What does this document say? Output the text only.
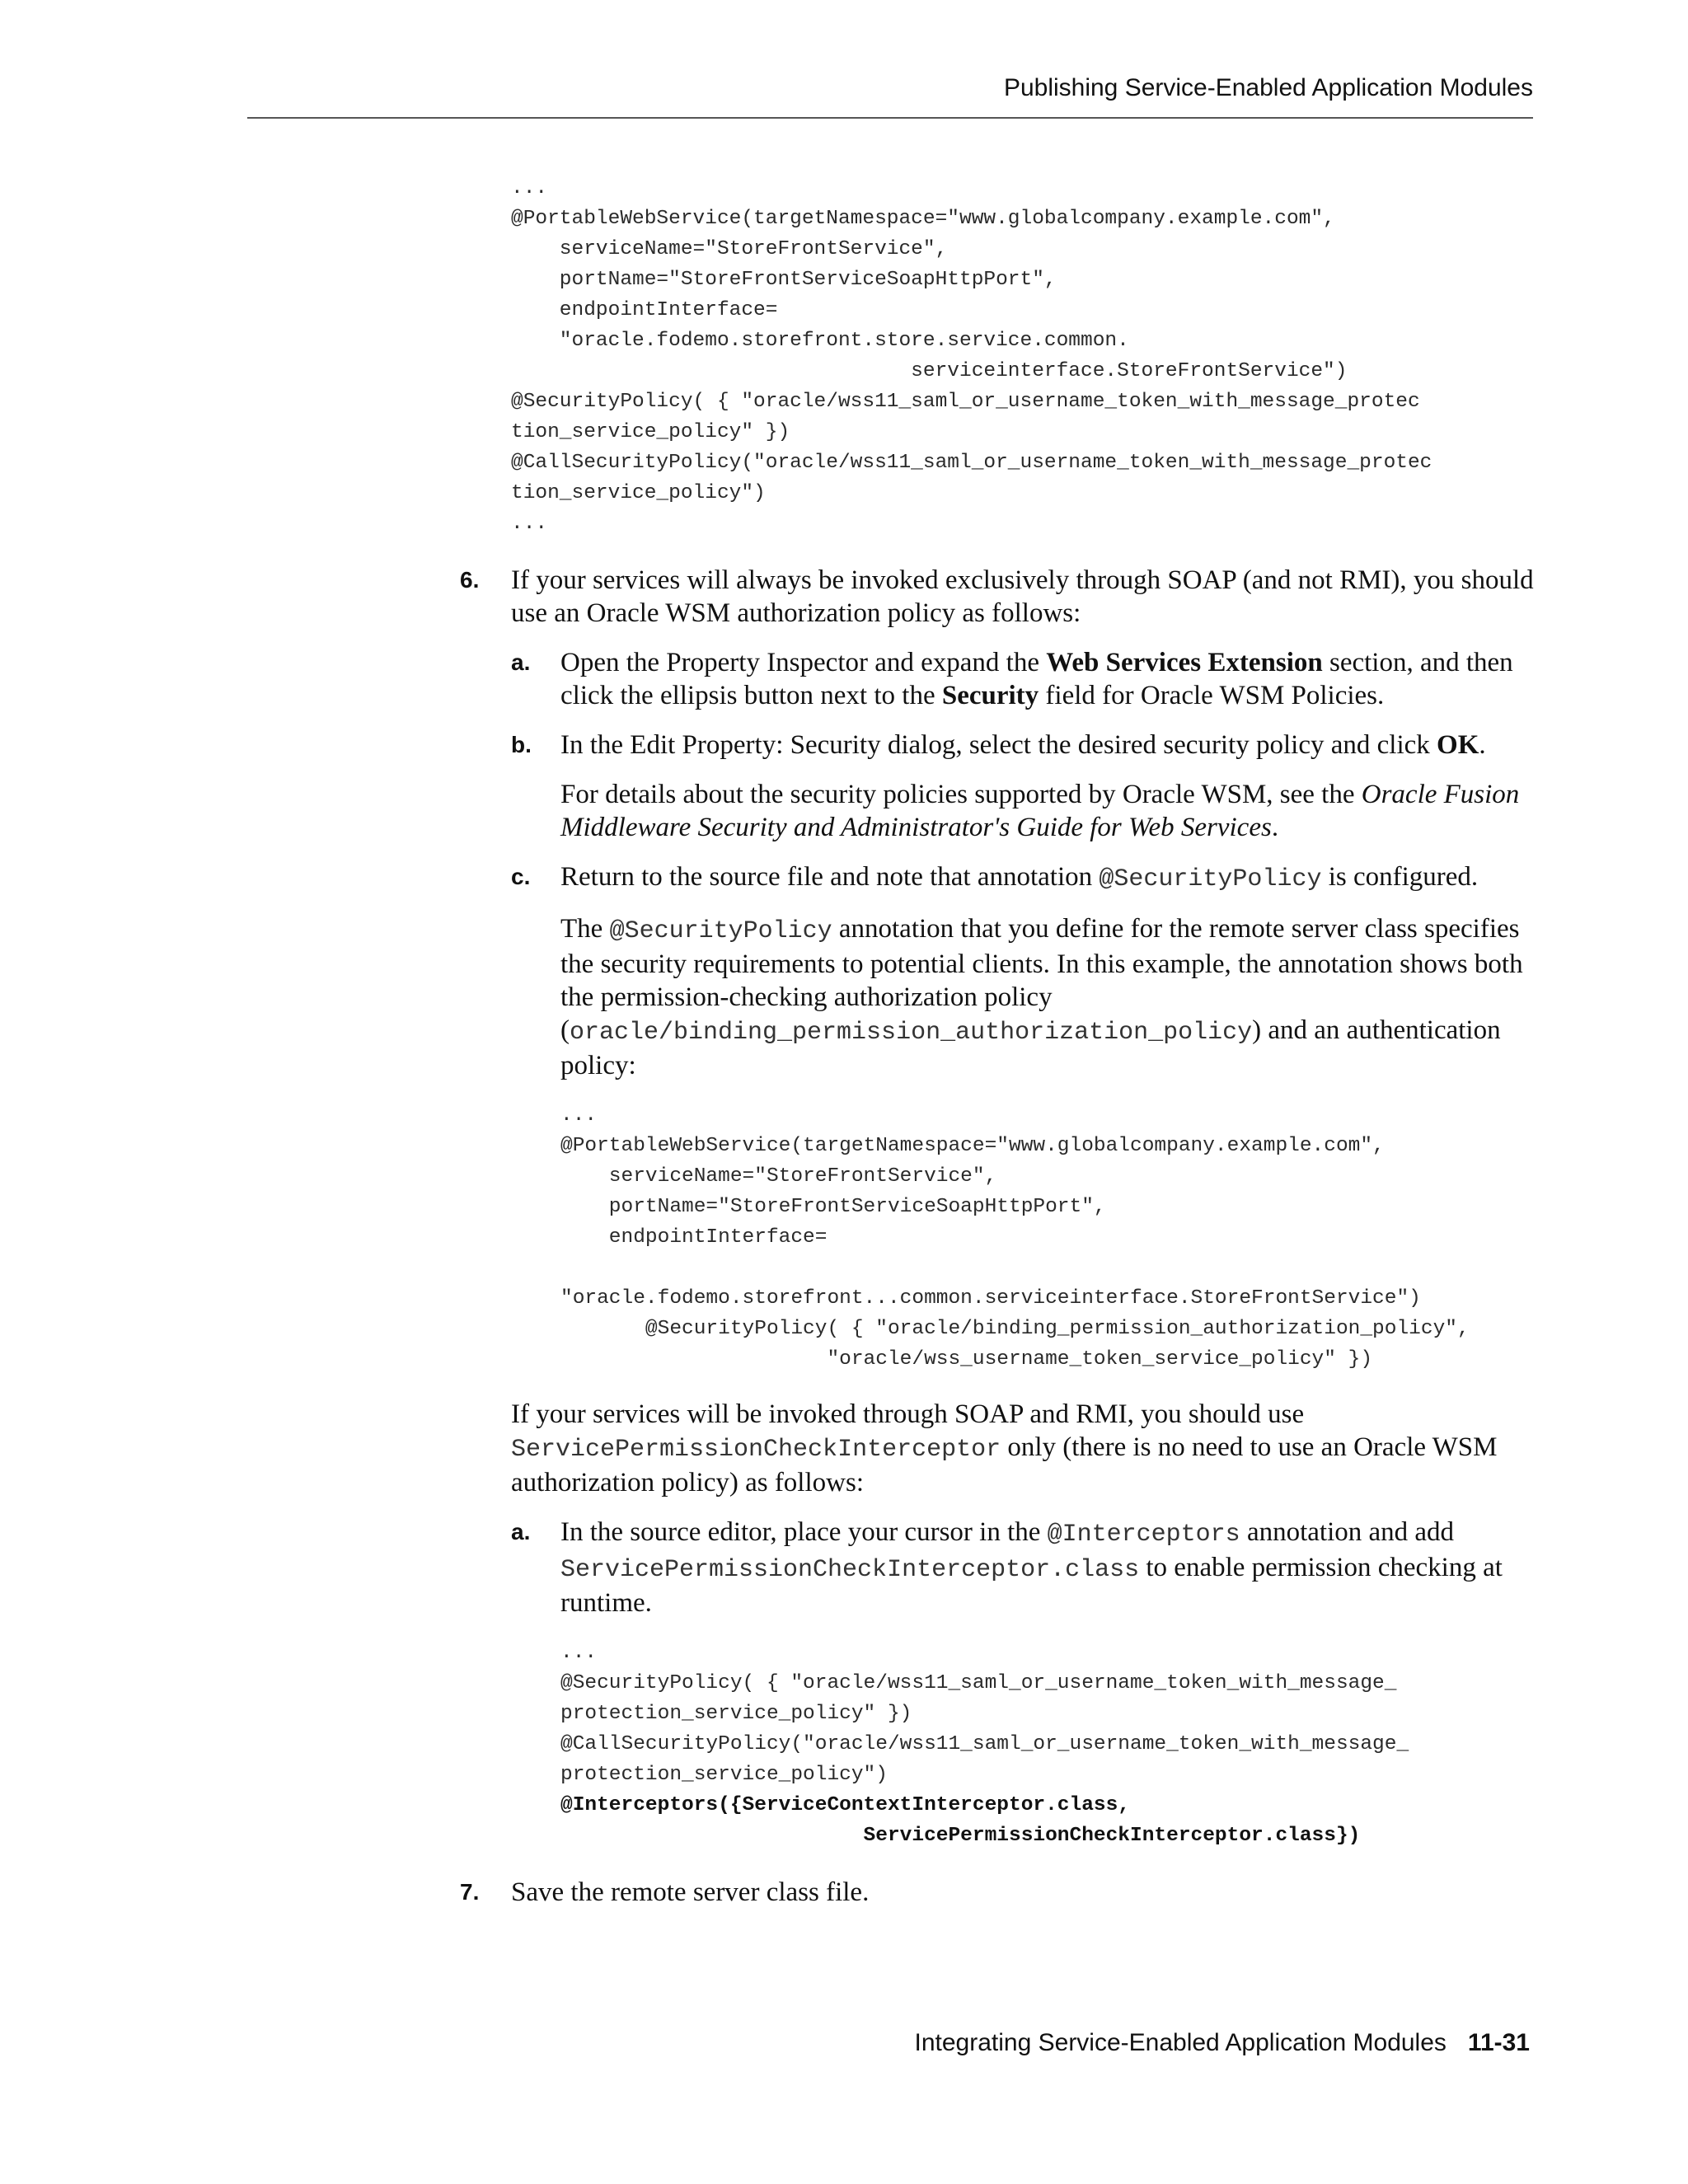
Publishing Service-Enabled Application Modules
...
@PortableWebService(targetNamespace="www.globalcompany.example.com",
serviceName="StoreFrontService",
portName="StoreFrontServiceSoapHttpPort",
endpointInterface=
"oracle.fodemo.storefront.store.service.common.
serviceinterface.StoreFrontService")
@SecurityPolicy( { "oracle/wss11_saml_or_username_token_with_message_protec
tion_service_policy" })
@CallSecurityPolicy("oracle/wss11_saml_or_username_token_with_message_protec
tion_service_policy")
...
6. If your services will always be invoked exclusively through SOAP (and not RMI), you should use an Oracle WSM authorization policy as follows:

a. Open the Property Inspector and expand the Web Services Extension section, and then click the ellipsis button next to the Security field for Oracle WSM Policies.

b. In the Edit Property: Security dialog, select the desired security policy and click OK.

For details about the security policies supported by Oracle WSM, see the Oracle Fusion Middleware Security and Administrator's Guide for Web Services.

c. Return to the source file and note that annotation @SecurityPolicy is configured.

The @SecurityPolicy annotation that you define for the remote server class specifies the security requirements to potential clients. In this example, the annotation shows both the permission-checking authorization policy (oracle/binding_permission_authorization_policy) and an authentication policy:

...
@PortableWebService(targetNamespace="www.globalcompany.example.com",
serviceName="StoreFrontService",
portName="StoreFrontServiceSoapHttpPort",
endpointInterface=

"oracle.fodemo.storefront...common.serviceinterface.StoreFrontService")
@SecurityPolicy( { "oracle/binding_permission_authorization_policy",
"oracle/wss_username_token_service_policy" })

If your services will be invoked through SOAP and RMI, you should use ServicePermissionCheckInterceptor only (there is no need to use an Oracle WSM authorization policy) as follows:

a. In the source editor, place your cursor in the @Interceptors annotation and add ServicePermissionCheckInterceptor.class to enable permission checking at runtime.

...
@SecurityPolicy( { "oracle/wss11_saml_or_username_token_with_message_
protection_service_policy" })
@CallSecurityPolicy("oracle/wss11_saml_or_username_token_with_message_
protection_service_policy")
@Interceptors({ServiceContextInterceptor.class,
ServicePermissionCheckInterceptor.class})
7. Save the remote server class file.

Integrating Service-Enabled Application Modules 11-31
